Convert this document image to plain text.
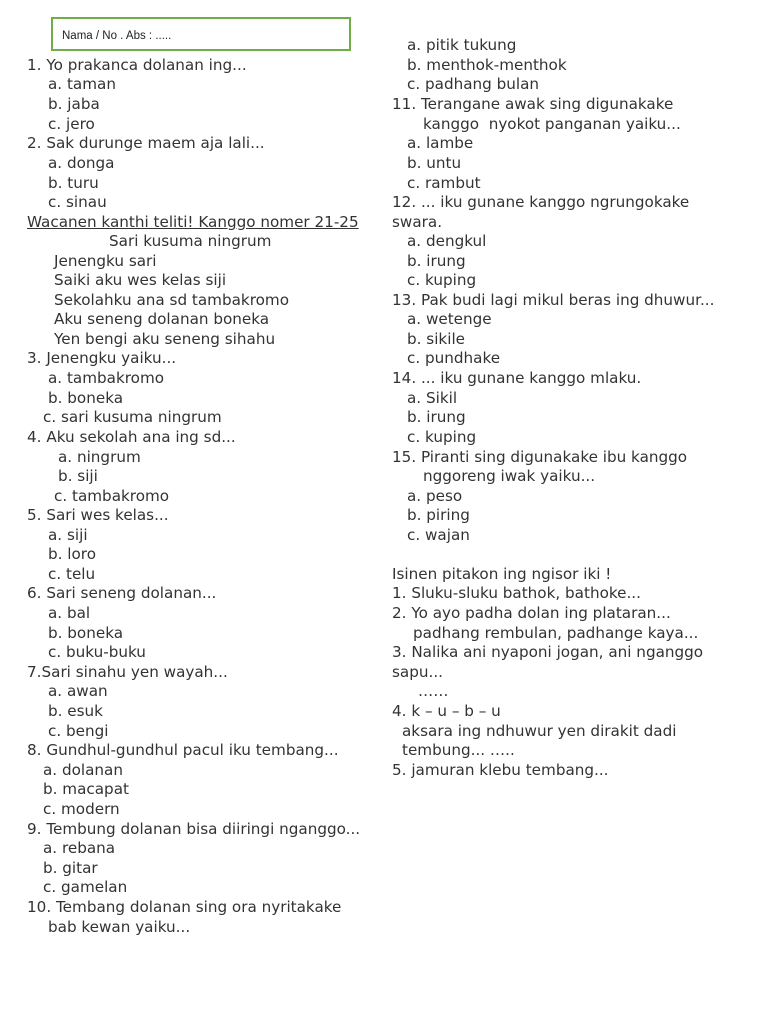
Nama / No . Abs : .....
1. Yo prakanca dolanan ing...
a. taman
b. jaba
c. jero
2. Sak durunge maem aja lali...
a. donga
b. turu
c. sinau
Wacanen kanthi teliti! Kanggo nomer 21-25
Sari kusuma ningrum
Jenengku sari
Saiki aku wes kelas siji
Sekolahku ana sd tambakromo
Aku seneng dolanan boneka
Yen bengi aku seneng sihahu
3. Jenengku yaiku...
a. tambakromo
b. boneka
c. sari kusuma ningrum
4. Aku sekolah ana ing sd...
a. ningrum
b. siji
c. tambakromo
5. Sari wes kelas...
a. siji
b. loro
c. telu
6. Sari seneng dolanan...
a. bal
b. boneka
c. buku-buku
7.Sari sinahu yen wayah...
a. awan
b. esuk
c. bengi
8. Gundhul-gundhul pacul iku tembang...
a. dolanan
b. macapat
c. modern
9. Tembung dolanan bisa diiringi nganggo...
a. rebana
b. gitar
c. gamelan
10. Tembang dolanan sing ora nyritakake
bab kewan yaiku...
a. pitik tukung
b. menthok-menthok
c. padhang bulan
11. Terangane awak sing digunakake
kanggo  nyokot panganan yaiku...
a. lambe
b. untu
c. rambut
12. ... iku gunane kanggo ngrungokake
swara.
a. dengkul
b. irung
c. kuping
13. Pak budi lagi mikul beras ing dhuwur...
a. wetenge
b. sikile
c. pundhake
14. ... iku gunane kanggo mlaku.
a. Sikil
b. irung
c. kuping
15. Piranti sing digunakake ibu kanggo
nggoreng iwak yaiku...
a. peso
b. piring
c. wajan
Isinen pitakon ing ngisor iki !
1. Sluku-sluku bathok, bathoke...
2. Yo ayo padha dolan ing plataran...
padhang rembulan, padhange kaya...
3. Nalika ani nyaponi jogan, ani nganggo
sapu...
……
4. k – u – b – u
aksara ing ndhuwur yen dirakit dadi
tembung... …..
5. jamuran klebu tembang...
